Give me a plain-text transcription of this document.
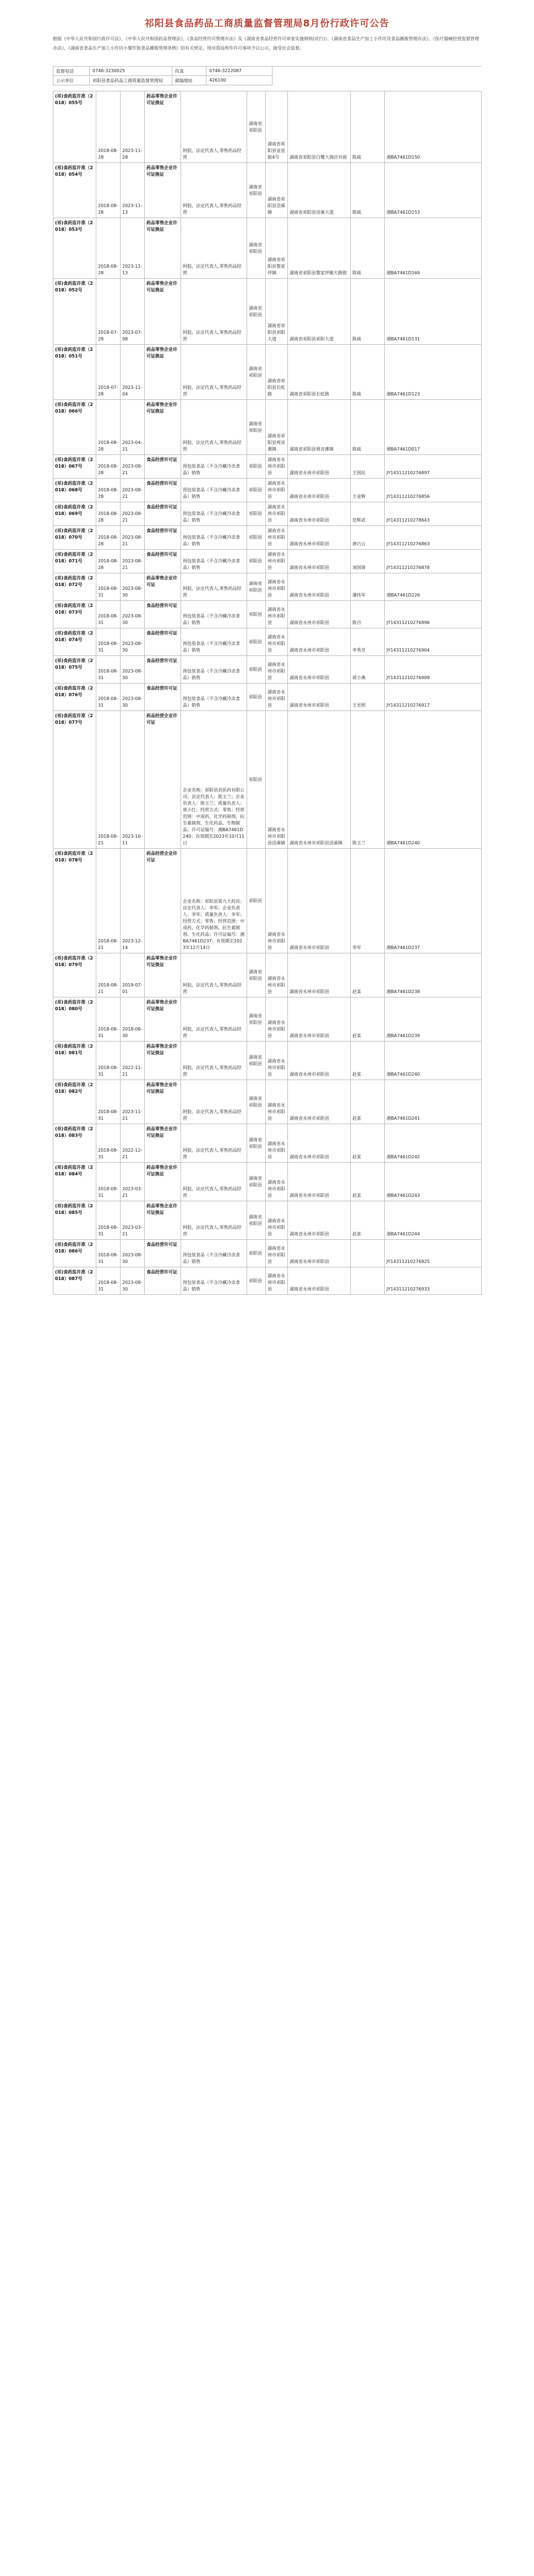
祁阳县食品药品工商质量监督管理局8月份行政许可公告
根据《中华人民共和国行政许可法》、《中华人民共和国药品管理法》、《食品经营许可管理办法》及《湖南省食品经营许可审查实施细则(试行)》、《湖南省食品生产加工小作坊及食品摊贩管理办法》、《医疗器械经营监督管理办法》、《湖南省食品生产加工小作坊小餐饮和食品摊贩管理条例》的有关规定，现对我局所作许可事项予以公示，接受社会监督。
监督电话	0746-3230025	传真	0746-3222087
公示单位	祁阳县食品药品工商质量监督管理局	邮编地址	426100
(祁)食药监许准（2018）055号	2018-08-28	2023-11-28	药品零售企业许可证换证	阿胶，法定代表人,零售药品经营	湖南省祁阳县	湖南省祁阳县金星街4号	湖南省祁阳县白鹭大酒店对面	陈威	湘BA7461D150
(祁)食药监许准（2018）054号	2018-08-28	2023-11-13	药品零售企业许可证换证	阿胶，法定代表人,零售药品经营	湖南省祁阳县	湖南省祁阳县浯溪镇	湖南省祁阳县浯溪大道	陈威	湘BA7461D153
(祁)食药监许准（2018）053号	2018-08-28	2023-11-13	药品零售企业许可证换证	阿胶，法定代表人,零售药品经营	湖南省祁阳县	湖南省祁阳县黎家坪镇	湖南省祁阳县黎家坪镇大路街	陈威	湘BA7461D169
(祁)食药监许准（2018）052号	2018-07-28	2023-07-08	药品零售企业许可证换证	阿胶，法定代表人,零售药品经营	湖南省祁阳县	湖南省祁阳县祁阳大道	湖南省祁阳县祁阳大道	陈威	湘BA7461D131
(祁)食药监许准（2018）051号	2018-07-28	2023-11-04	药品零售企业许可证换证	阿胶，法定代表人,零售药品经营	湖南省祁阳县	湖南省祁阳县长虹路	湖南省祁阳县长虹路	陈威	湘BA7461D123
(祁)食药监许准（2018）066号	2018-08-28	2023-04-21	药品零售企业许可证换证	阿胶，法定代表人,零售药品经营	湖南省祁阳县	湖南省祁阳县观音滩镇	湖南省祁阳县观音滩镇	陈威	湘BA7461D017
(祁)食药监许准（2018）067号	2018-08-28	2023-08-21	食品经营许可证	预包装食品（不含冷藏冷冻食品）销售	祁阳县	湖南省永州市祁阳县	湖南省永州市祁阳县	王国民	JY14311210276897
(祁)食药监许准（2018）068号	2018-08-28	2023-08-21	食品经营许可证	预包装食品（不含冷藏冷冻食品）销售	祁阳县	湖南省永州市祁阳县	湖南省永州市祁阳县	王金辉	JY14311210276856
(祁)食药监许准（2018）069号	2018-08-28	2023-08-21	食品经营许可证	预包装食品（不含冷藏冷冻食品）销售	祁阳县	湖南省永州市祁阳县	湖南省永州市祁阳县	范辉武	JY14311210278643
(祁)食药监许准（2018）070号	2018-08-28	2023-08-21	食品经营许可证	预包装食品（不含冷藏冷冻食品）销售	祁阳县	湖南省永州市祁阳县	湖南省永州市祁阳县	唐巧云	JY14311210276863
(祁)食药监许准（2018）071号	2018-08-28	2023-08-21	食品经营许可证	预包装食品（不含冷藏冷冻食品）销售	祁阳县	湖南省永州市祁阳县	湖南省永州市祁阳县	刘国锋	JY14311210276878
(祁)食药监许准（2018）072号	2018-08-31	2023-08-30	药品零售企业许可证	阿胶，法定代表人,零售药品经营	湖南省祁阳县	湖南省永州市祁阳县	湖南省永州市祁阳县	潘伟军	湘BA7461D226
(祁)食药监许准（2018）073号	2018-08-31	2023-08-30	食品经营许可证	预包装食品（不含冷藏冷冻食品）销售	祁阳县	湖南省永州市祁阳县	湖南省永州市祁阳县	陈丹	JY14311210276896
(祁)食药监许准（2018）074号	2018-08-31	2023-08-30	食品经营许可证	预包装食品（不含冷藏冷冻食品）销售	祁阳县	湖南省永州市祁阳县	湖南省永州市祁阳县	李秀芳	JY14311210276904
(祁)食药监许准（2018）075号	2018-08-31	2023-08-30	食品经营许可证	预包装食品（不含冷藏冷冻食品）销售	祁阳县	湖南省永州市祁阳县	湖南省永州市祁阳县	蒋小燕	JY14311210276909
(祁)食药监许准（2018）076号	2018-08-31	2023-08-30	食品经营许可证	预包装食品（不含冷藏冷冻食品）销售	祁阳县	湖南省永州市祁阳县	湖南省永州市祁阳县	王光明	JY14311210276917
(祁)食药监许准（2018）077号	2018-08-21	2023-10-11	药品经营企业许可证	企业名称：祁阳县县医药有限公司；法定代表人：陈玉兰；企业负责人：陈玉兰；质量负责人：蒋小红；经营方式：零售；经营范围：中成药、化学药制剂、抗生素制剂、生化药品、生物制品；许可证编号：湘BA7461D240；有效期至2023年10月11日	祁阳县	湖南省永州市祁阳县浯溪镇	湖南省永州市祁阳县浯溪镇	陈玉兰	湘BA7461D240
(祁)食药监许准（2018）078号	2018-08-21	2023-12-14	药品经营企业许可证	企业名称：祁阳县第九大药房；法定代表人：李军；企业负责人：李军；质量负责人：李军；经营方式：零售；经营范围：中成药、化学药制剂、抗生素制剂、生化药品；许可证编号：湘BA7461D237；有效期至2023年12月14日	祁阳县	湖南省永州市祁阳县	湖南省永州市祁阳县	李军	湘BA7461D237
(祁)食药监许准（2018）079号	2018-08-21	2019-07-01	药品零售企业许可证换证	阿胶，法定代表人,零售药品经营	湖南省祁阳县	湖南省永州市祁阳县	湖南省永州市祁阳县	赵某	湘BA7461D238
(祁)食药监许准（2018）080号	2018-08-31	2018-08-30	药品零售企业许可证换证	阿胶，法定代表人,零售药品经营	湖南省祁阳县	湖南省永州市祁阳县	湖南省永州市祁阳县	赵某	湘BA7461D239
(祁)食药监许准（2018）081号	2018-08-31	2022-11-21	药品零售企业许可证换证	阿胶，法定代表人,零售药品经营	湖南省祁阳县	湖南省永州市祁阳县	湖南省永州市祁阳县	赵某	湘BA7461D240
(祁)食药监许准（2018）082号	2018-08-31	2023-11-21	药品零售企业许可证换证	阿胶，法定代表人,零售药品经营	湖南省祁阳县	湖南省永州市祁阳县	湖南省永州市祁阳县	赵某	湘BA7461D241
(祁)食药监许准（2018）083号	2018-08-31	2022-12-21	药品零售企业许可证换证	阿胶，法定代表人,零售药品经营	湖南省祁阳县	湖南省永州市祁阳县	湖南省永州市祁阳县	赵某	湘BA7461D242
(祁)食药监许准（2018）084号	2018-08-31	2023-03-21	药品零售企业许可证换证	阿胶，法定代表人,零售药品经营	湖南省祁阳县	湖南省永州市祁阳县	湖南省永州市祁阳县	赵某	湘BA7461D243
(祁)食药监许准（2018）085号	2018-08-31	2023-03-21	药品零售企业许可证换证	阿胶，法定代表人,零售药品经营	湖南省祁阳县	湖南省永州市祁阳县	湖南省永州市祁阳县	赵某	湘BA7461D244
(祁)食药监许准（2018）086号	2018-08-31	2023-08-30	食品经营许可证	预包装食品（不含冷藏冷冻食品）销售	祁阳县	湖南省永州市祁阳县	湖南省永州市祁阳县		JY14311210276925
(祁)食药监许准（2018）087号	2018-08-31	2023-08-30	食品经营许可证	预包装食品（不含冷藏冷冻食品）销售	祁阳县	湖南省永州市祁阳县	湖南省永州市祁阳县		JY14311210276933
